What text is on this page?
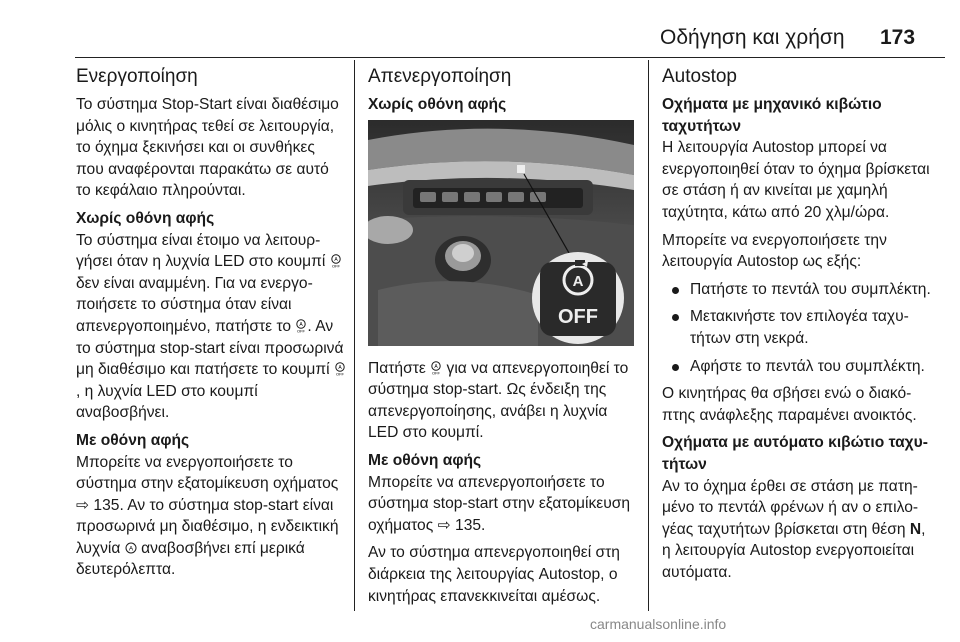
Οδήγηση και χρήση 173
Ενεργοποίηση

Το σύστημα Stop-Start είναι διαθέσιμο μόλις ο κινητήρας τεθεί σε λειτουργία, το όχημα ξεκινήσει και οι συνθήκες που αναφέρονται παρακάτω σε αυτό το κεφάλαιο πληρούνται.

Χωρίς οθόνη αφής
Το σύστημα είναι έτοιμο να λειτουργήσει όταν η λυχνία LED στο κουμπί A
OFF
δεν είναι αναμμένη. Για να ενεργοποιήσετε το σύστημα όταν είναι απενεργοποιημένο, πατήστε το A
OFF . Αν το σύστημα stop-start είναι προσωρινά μη διαθέσιμο και πατήσετε το κουμπί A
OFF
, η λυχνία LED στο κουμπί αναβοσβήνει.

Με οθόνη αφής
Μπορείτε να ενεργοποιήσετε το σύστημα στην εξατομίκευση οχήματος ⇨ 135. Αν το σύστημα stop-start είναι προσωρινά μη διαθέσιμο, η ενδεικτική λυχνία A αναβοσβήνει επί μερικά δευτερόλεπτα.

Απενεργοποίηση
Χωρίς οθόνη αφής
A
OFF

Πατήστε A
OFF για να απενεργοποιηθεί το σύστημα stop-start. Ως ένδειξη της απενεργοποίησης, ανάβει η λυχνία LED στο κουμπί.

Με οθόνη αφής
Μπορείτε να απενεργοποιήσετε το σύστημα stop-start στην εξατομίκευση οχήματος ⇨ 135.

Αν το σύστημα απενεργοποιηθεί στη διάρκεια της λειτουργίας Autostop, ο κινητήρας επανεκκινείται αμέσως.

Autostop

Οχήματα με μηχανικό κιβώτιο ταχυτήτων
Η λειτουργία Autostop μπορεί να ενεργοποιηθεί όταν το όχημα βρίσκεται σε στάση ή αν κινείται με χαμηλή ταχύτητα, κάτω από 20 χλμ/ώρα.

Μπορείτε να ενεργοποιήσετε την λειτουργία Autostop ως εξής:

Πατήστε το πεντάλ του συμπλέκτη.
Μετακινήστε τον επιλογέα ταχυτήτων στη νεκρά.
Αφήστε το πεντάλ του συμπλέκτη.

Ο κινητήρας θα σβήσει ενώ ο διακόπτης ανάφλεξης παραμένει ανοικτός.

Οχήματα με αυτόματο κιβώτιο ταχυτήτων
Αν το όχημα έρθει σε στάση με πατημένο το πεντάλ φρένων ή αν ο επιλογέας ταχυτήτων βρίσκεται στη θέση N, η λειτουργία Autostop ενεργοποιείται αυτόματα.

carmanualsonline.info
